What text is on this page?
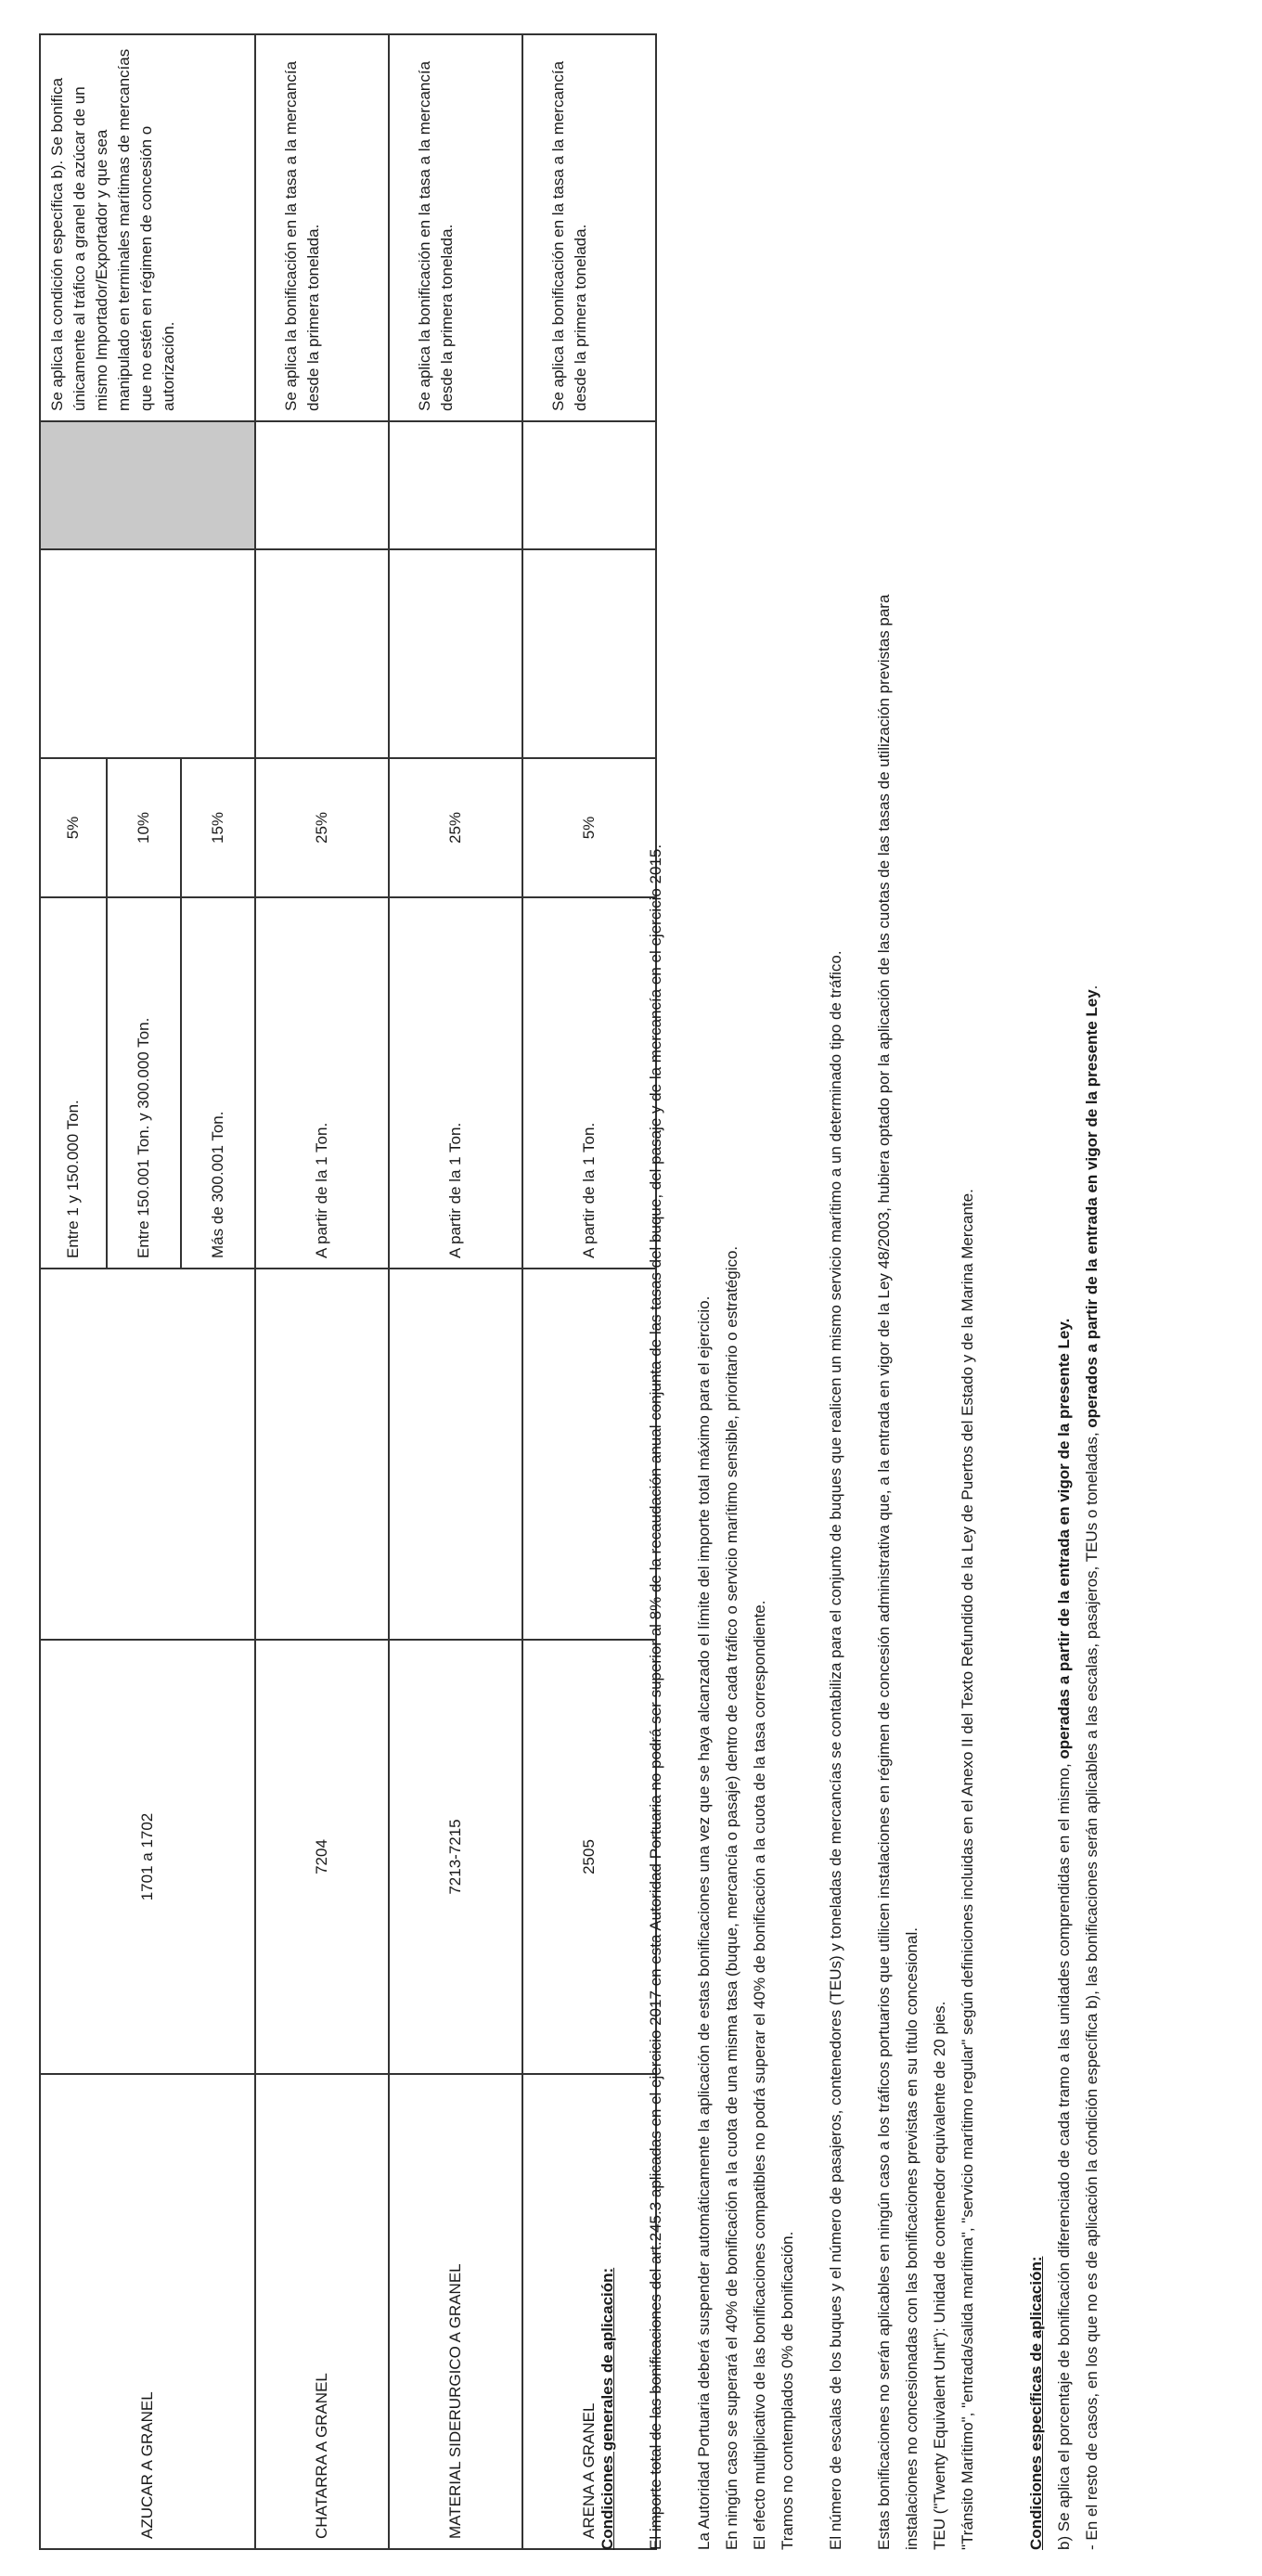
AZUCAR A GRANEL	1701 a 1702		Entre 1 y 150.000 Ton.	5%			Se aplica la condición específica b). Se bonifica únicamente al tráfico a granel de azúcar de un mismo Importador/Exportador y que sea manipulado en terminales marítimas de mercancías que no estén en régimen de concesión o autorización.
			Entre 150.001 Ton. y 300.000 Ton.	10%			
			Más de 300.001 Ton.	15%			
CHATARRA A GRANEL	7204		A partir de la 1 Ton.	25%			Se aplica la bonificación en la tasa a la mercancía desde la primera tonelada.
MATERIAL SIDERURGICO A GRANEL	7213-7215		A partir de la 1 Ton.	25%			Se aplica la bonificación en la tasa a la mercancía desde la primera tonelada.
ARENA A GRANEL	2505		A partir de la 1 Ton.	5%			Se aplica la bonificación en la tasa a la mercancía desde la primera tonelada.

Condiciones generales de aplicación:	El importe total de las bonificaciones del art.245.3 aplicadas en el ejercicio 2017 en esta Autoridad Portuaria no podrá ser superior al 8% de la recaudación anual conjunta de las tasas del buque, del pasaje y de la mercancía en el ejercicio 2015.	La Autoridad Portuaria deberá suspender automáticamente la aplicación de estas bonificaciones una vez que se haya alcanzado el límite del importe total máximo para el ejercicio. En ningún caso se superará el 40% de bonificación a la cuota de una misma tasa (buque, mercancía o pasaje) dentro de cada tráfico o servicio marítimo sensible, prioritario o estratégico. El efecto multiplicativo de las bonificaciones compatibles no podrá superar el 40% de bonificación a la cuota de la tasa correspondiente. Tramos no contemplados 0% de bonificación.	El número de escalas de los buques y el número de pasajeros, contenedores (TEUs) y toneladas de mercancías se contabiliza para el conjunto de buques que realicen un mismo servicio marítimo a un determinado tipo de tráfico.	Estas bonificaciones no serán aplicables en ningún caso a los tráficos portuarios que utilicen instalaciones en régimen de concesión administrativa que, a la entrada en vigor de la Ley 48/2003, hubiera optado por la aplicación de las cuotas de las tasas de utilización previstas para instalaciones no concesionadas con las bonificaciones previstas en su título concesional. TEU ("Twenty Equivalent Unit"): Unidad de contenedor equivalente de 20 pies. "Tránsito Marítimo", "entrada/salida marítima", "servicio marítimo regular" según definiciones incluidas en el Anexo II del Texto Refundido de la Ley de Puertos del Estado y de la Marina Mercante.	Condiciones específicas de aplicación: b) Se aplica el porcentaje de bonificación diferenciado de cada tramo a las unidades comprendidas en el mismo, operadas a partir de la entrada en vigor de la presente Ley. - En el resto de casos, en los que no es de aplicación la cóndición específica b), las bonificaciones serán aplicables a las escalas, pasajeros, TEUs o toneladas, operados a partir de la entrada en vigor de la presente Ley.
